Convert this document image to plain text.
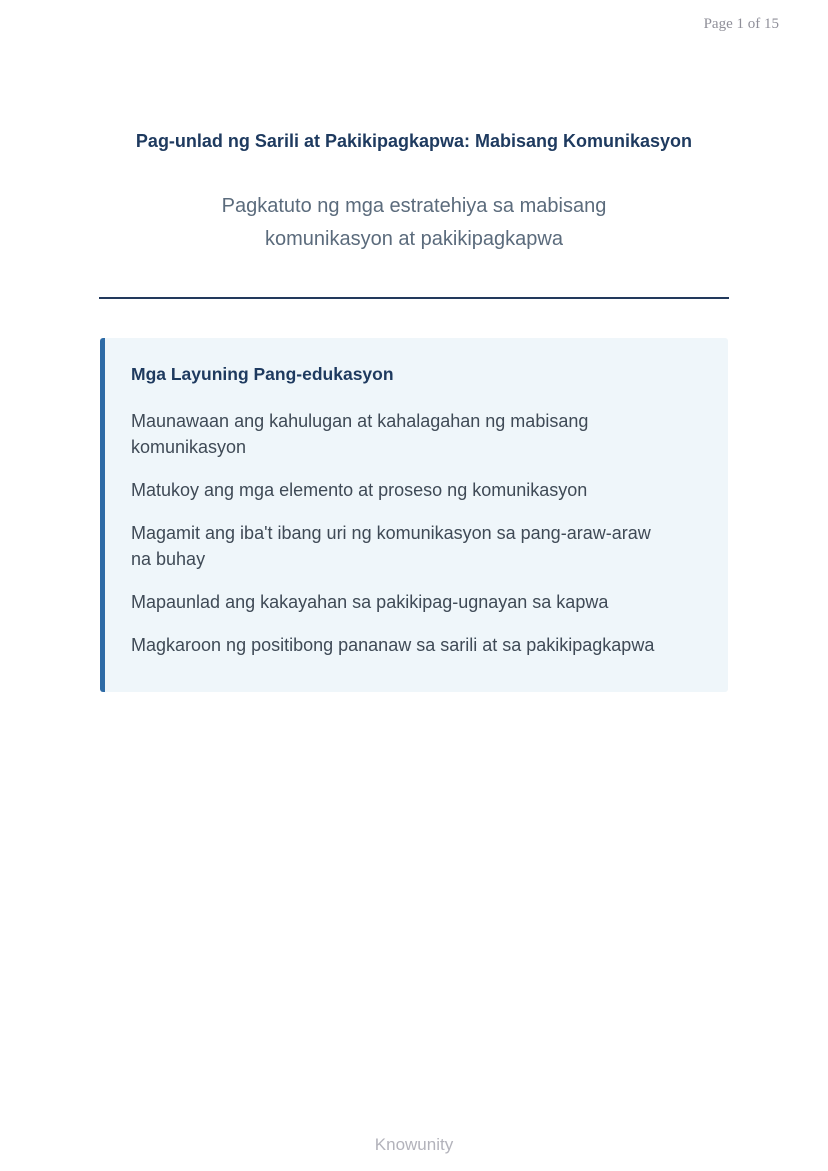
Page 1 of 15
Pag-unlad ng Sarili at Pakikipagkapwa: Mabisang Komunikasyon

Pagkatuto ng mga estratehiya sa mabisang komunikasyon at pakikipagkapwa

Mga Layuning Pang-edukasyon

Maunawaan ang kahulugan at kahalagahan ng mabisang komunikasyon

Matukoy ang mga elemento at proseso ng komunikasyon

Magamit ang iba't ibang uri ng komunikasyon sa pang-araw-araw na buhay

Mapaunlad ang kakayahan sa pakikipag-ugnayan sa kapwa

Magkaroon ng positibong pananaw sa sarili at sa pakikipagkapwa

Knowunity
